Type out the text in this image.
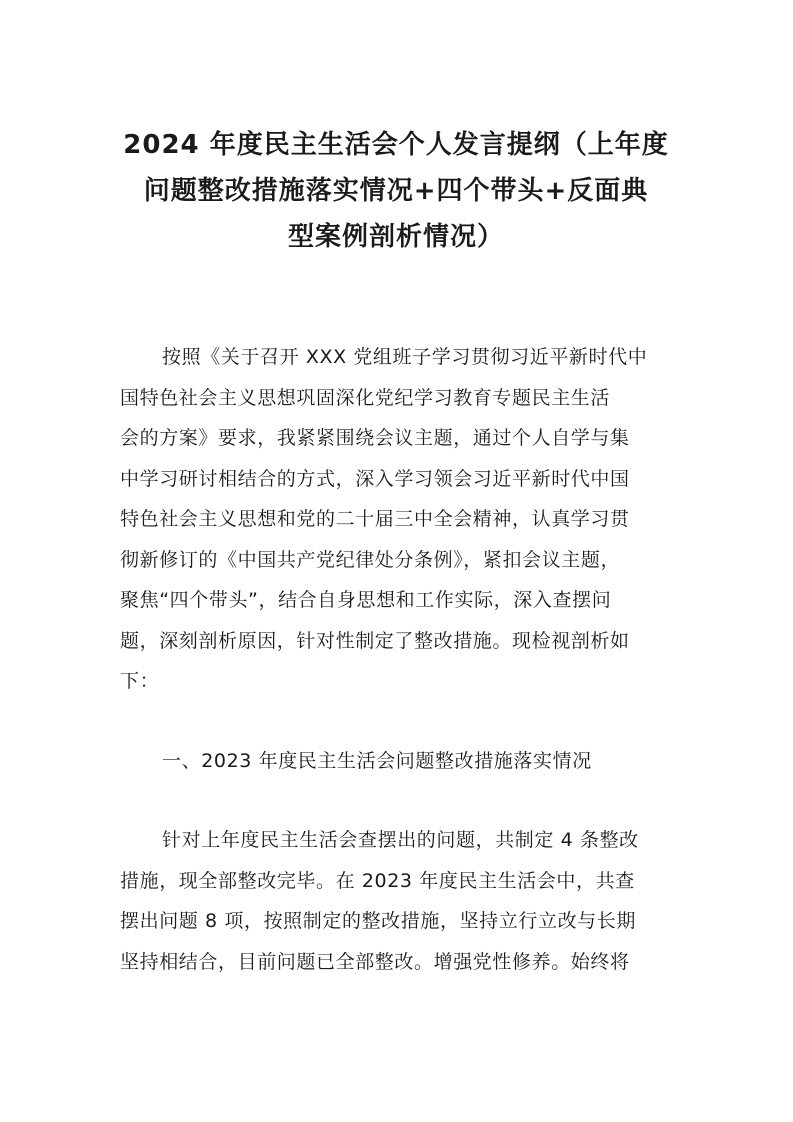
2024 年度民主生活会个人发言提纲（上年度
问题整改措施落实情况+四个带头+反面典
型案例剖析情况）
按照《关于召开 XXX 党组班子学习贯彻习近平新时代中
国特色社会主义思想巩固深化党纪学习教育专题民主生活
会的方案》要求，我紧紧围绕会议主题，通过个人自学与集
中学习研讨相结合的方式，深入学习领会习近平新时代中国
特色社会主义思想和党的二十届三中全会精神，认真学习贯
彻新修订的《中国共产党纪律处分条例》，紧扣会议主题，
聚焦“四个带头”，结合自身思想和工作实际，深入查摆问
题，深刻剖析原因，针对性制定了整改措施。现检视剖析如
下：
一、2023 年度民主生活会问题整改措施落实情况
针对上年度民主生活会查摆出的问题，共制定 4 条整改
措施，现全部整改完毕。在 2023 年度民主生活会中，共查
摆出问题 8 项，按照制定的整改措施，坚持立行立改与长期
坚持相结合，目前问题已全部整改。增强党性修养。始终将
